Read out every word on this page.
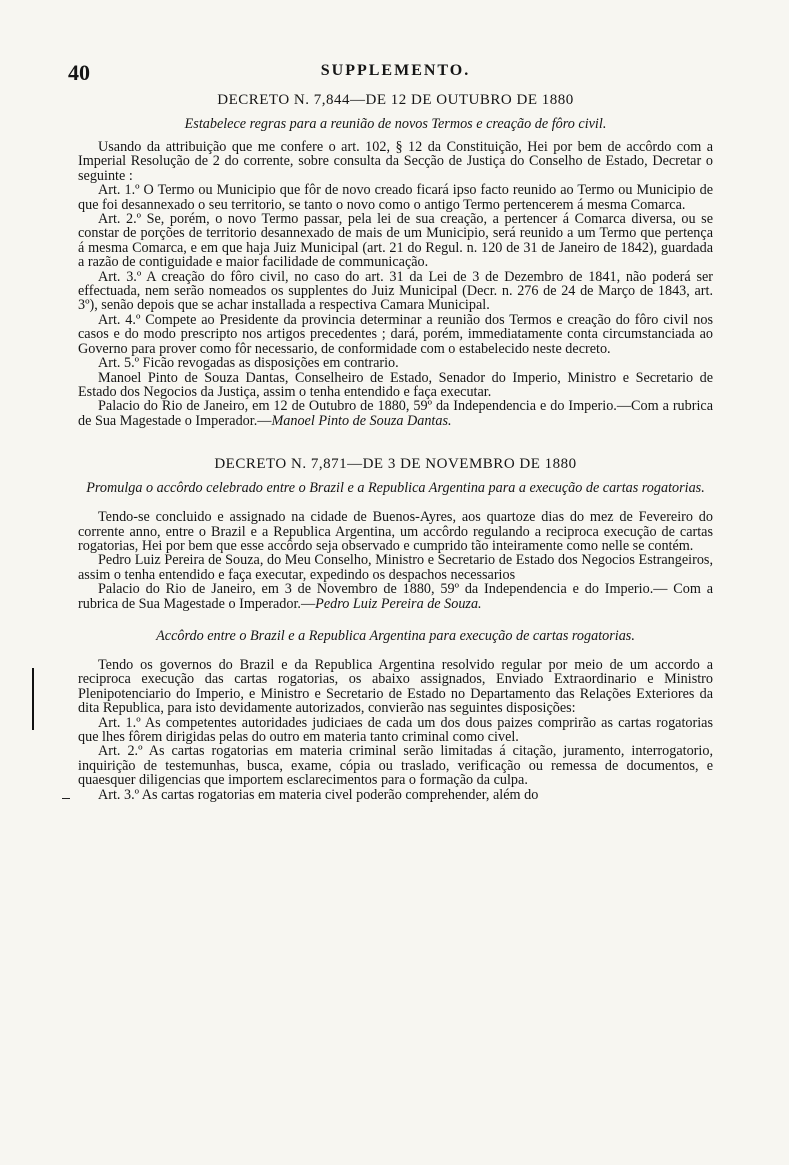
40	SUPPLEMENTO.
DECRETO N. 7,844—DE 12 DE OUTUBRO DE 1880
Estabelece regras para a reunião de novos Termos e creação de fôro civil.

Usando da attribuição que me confere o art. 102, § 12 da Constituição, Hei por bem de accôrdo com a Imperial Resolução de 2 do corrente, sobre consulta da Secção de Justiça do Conselho de Estado, Decretar o seguinte :

Art. 1.º O Termo ou Municipio que fôr de novo creado ficará ipso facto reunido ao Termo ou Municipio de que foi desannexado o seu territorio, se tanto o novo como o antigo Termo pertencerem á mesma Comarca.

Art. 2.º Se, porém, o novo Termo passar, pela lei de sua creação, a pertencer á Comarca diversa, ou se constar de porções de territorio desannexado de mais de um Municipio, será reunido a um Termo que pertença á mesma Comarca, e em que haja Juiz Municipal (art. 21 do Regul. n. 120 de 31 de Janeiro de 1842), guardada a razão de contiguidade e maior facilidade de communicação.

Art. 3.º A creação do fôro civil, no caso do art. 31 da Lei de 3 de Dezembro de 1841, não poderá ser effectuada, nem serão nomeados os supplentes do Juiz Municipal (Decr. n. 276 de 24 de Março de 1843, art. 3º), senão depois que se achar installada a respectiva Camara Municipal.

Art. 4.º Compete ao Presidente da provincia determinar a reunião dos Termos e creação do fôro civil nos casos e do modo prescripto nos artigos precedentes ; dará, porém, immediatamente conta circumstanciada ao Governo para prover como fôr necessario, de conformidade com o estabelecido neste decreto.

Art. 5.º Ficão revogadas as disposições em contrario.

Manoel Pinto de Souza Dantas, Conselheiro de Estado, Senador do Imperio, Ministro e Secretario de Estado dos Negocios da Justiça, assim o tenha entendido e faça executar.

Palacio do Rio de Janeiro, em 12 de Outubro de 1880, 59º da Independencia e do Imperio.—Com a rubrica de Sua Magestade o Imperador.—Manoel Pinto de Souza Dantas.

DECRETO N. 7,871—DE 3 DE NOVEMBRO DE 1880
Promulga o accôrdo celebrado entre o Brazil e a Republica Argentina para a execução de cartas rogatorias.

Tendo-se concluido e assignado na cidade de Buenos-Ayres, aos quartoze dias do mez de Fevereiro do corrente anno, entre o Brazil e a Republica Argentina, um accôrdo regulando a reciproca execução de cartas rogatorias, Hei por bem que esse accôrdo seja observado e cumprido tão inteiramente como nelle se contém.

Pedro Luiz Pereira de Souza, do Meu Conselho, Ministro e Secretario de Estado dos Negocios Estrangeiros, assim o tenha entendido e faça executar, expedindo os despachos necessarios

Palacio do Rio de Janeiro, em 3 de Novembro de 1880, 59º da Independencia e do Imperio.— Com a rubrica de Sua Magestade o Imperador.—Pedro Luiz Pereira de Souza.

Accôrdo entre o Brazil e a Republica Argentina para execução de cartas rogatorias.

Tendo os governos do Brazil e da Republica Argentina resolvido regular por meio de um accordo a reciproca execução das cartas rogatorias, os abaixo assignados, Enviado Extraordinario e Ministro Plenipotenciario do Imperio, e Ministro e Secretario de Estado no Departamento das Relações Exteriores da dita Republica, para isto devidamente autorizados, convierão nas seguintes disposições:

Art. 1.º As competentes autoridades judiciaes de cada um dos dous paizes comprirão as cartas rogatorias que lhes fôrem dirigidas pelas do outro em materia tanto criminal como civel.

Art. 2.º As cartas rogatorias em materia criminal serão limitadas á citação, juramento, interrogatorio, inquirição de testemunhas, busca, exame, cópia ou traslado, verificação ou remessa de documentos, e quaesquer diligencias que importem esclarecimentos para o formação da culpa.

Art. 3.º As cartas rogatorias em materia civel poderão comprehender, além do
